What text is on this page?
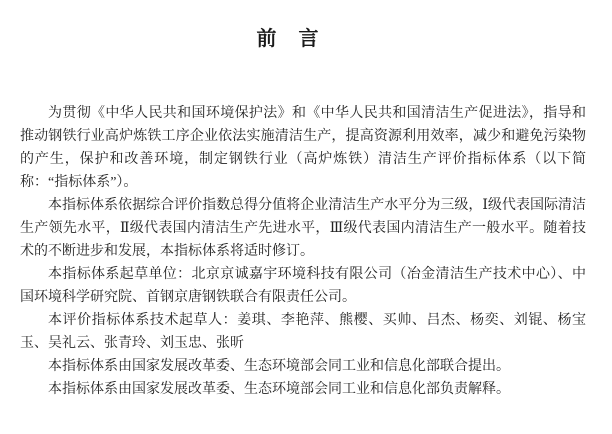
前　言

为贯彻《中华人民共和国环境保护法》和《中华人民共和国清洁生产促进法》，指导和推动钢铁行业高炉炼铁工序企业依法实施清洁生产，提高资源利用效率，减少和避免污染物的产生，保护和改善环境，制定钢铁行业（高炉炼铁）清洁生产评价指标体系（以下简称：“指标体系”）。

本指标体系依据综合评价指数总得分值将企业清洁生产水平分为三级，Ⅰ级代表国际清洁生产领先水平，Ⅱ级代表国内清洁生产先进水平，Ⅲ级代表国内清洁生产一般水平。随着技术的不断进步和发展，本指标体系将适时修订。

本指标体系起草单位：北京京诚嘉宇环境科技有限公司（冶金清洁生产技术中心）、中国环境科学研究院、首钢京唐钢铁联合有限责任公司。

本评价指标体系技术起草人：姜琪、李艳萍、熊樱、买帅、吕杰、杨奕、刘锟、杨宝玉、吴礼云、张青玲、刘玉忠、张昕

本指标体系由国家发展改革委、生态环境部会同工业和信息化部联合提出。

本指标体系由国家发展改革委、生态环境部会同工业和信息化部负责解释。
